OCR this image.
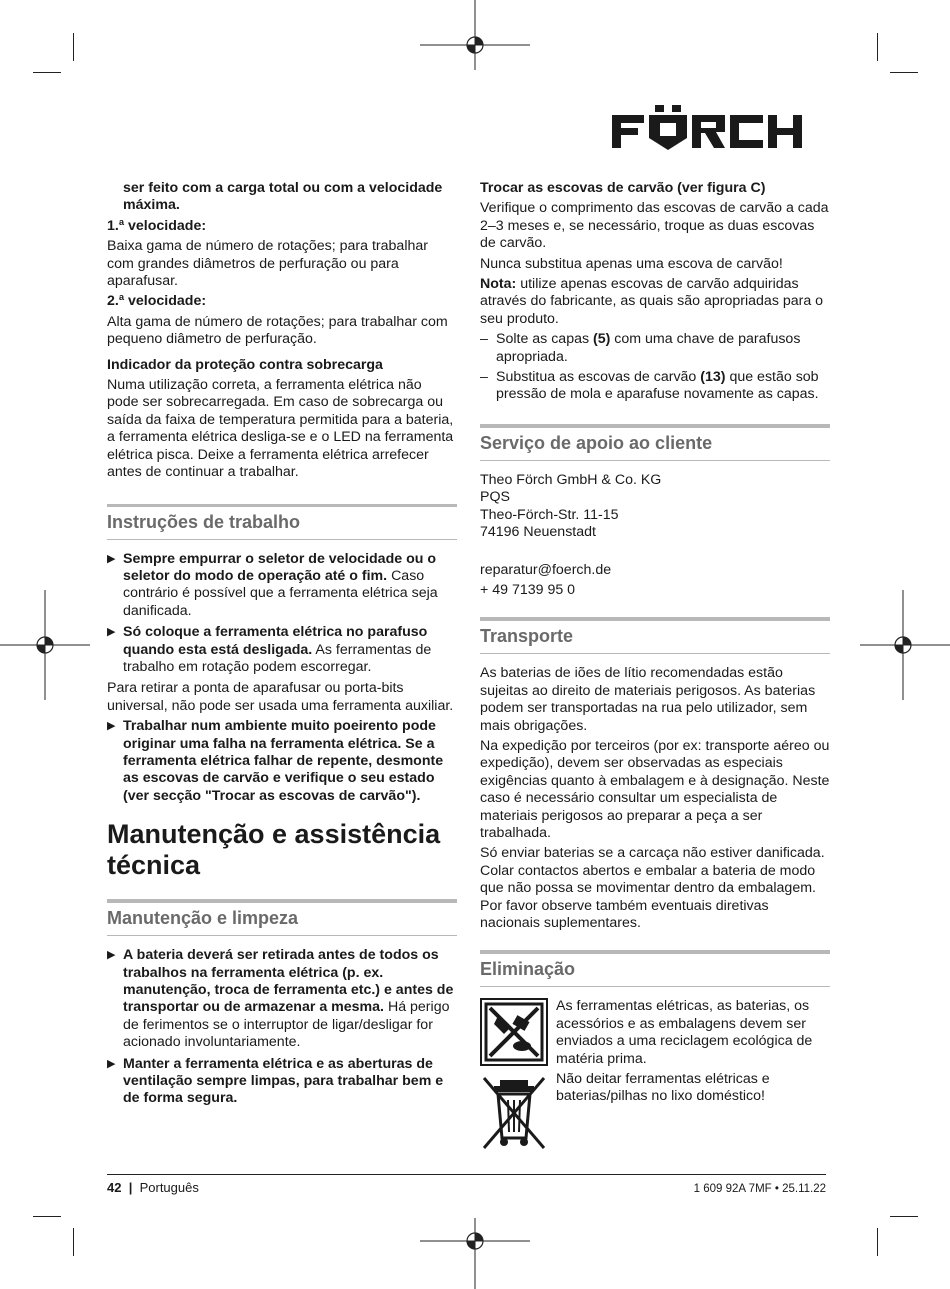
ser feito com a carga total ou com a velocidade máxima.

1.ª velocidade:

Baixa gama de número de rotações; para trabalhar com grandes diâmetros de perfuração ou para aparafusar.

2.ª velocidade:

Alta gama de número de rotações; para trabalhar com pequeno diâmetro de perfuração.

Indicador da proteção contra sobrecarga

Numa utilização correta, a ferramenta elétrica não pode ser sobrecarregada. Em caso de sobrecarga ou saída da faixa de temperatura permitida para a bateria, a ferramenta elétrica desliga-se e o LED na ferramenta elétrica pisca. Deixe a ferramenta elétrica arrefecer antes de continuar a trabalhar.

Instruções de trabalho
▶ Sempre empurrar o seletor de velocidade ou o seletor do modo de operação até o fim. Caso contrário é possível que a ferramenta elétrica seja danificada.
▶ Só coloque a ferramenta elétrica no parafuso quando esta está desligada. As ferramentas de trabalho em rotação podem escorregar.

Para retirar a ponta de aparafusar ou porta-bits universal, não pode ser usada uma ferramenta auxiliar.

▶ Trabalhar num ambiente muito poeirento pode originar uma falha na ferramenta elétrica. Se a ferramenta elétrica falhar de repente, desmonte as escovas de carvão e verifique o seu estado (ver secção "Trocar as escovas de carvão").
Manutenção e assistência técnica
Manutenção e limpeza
▶ A bateria deverá ser retirada antes de todos os trabalhos na ferramenta elétrica (p. ex. manutenção, troca de ferramenta etc.) e antes de transportar ou de armazenar a mesma. Há perigo de ferimentos se o interruptor de ligar/desligar for acionado involuntariamente.
▶ Manter a ferramenta elétrica e as aberturas de ventilação sempre limpas, para trabalhar bem e de forma segura.

Trocar as escovas de carvão (ver figura C)

Verifique o comprimento das escovas de carvão a cada 2–3 meses e, se necessário, troque as duas escovas de carvão.

Nunca substitua apenas uma escova de carvão!

Nota: utilize apenas escovas de carvão adquiridas através do fabricante, as quais são apropriadas para o seu produto.

– Solte as capas (5) com uma chave de parafusos apropriada.
– Substitua as escovas de carvão (13) que estão sob pressão de mola e aparafuse novamente as capas.
Serviço de apoio ao cliente
Theo Förch GmbH & Co. KG
PQS
Theo-Förch-Str. 11-15
74196 Neuenstadt

reparatur@foerch.de

+ 49 7139 95 0

Transporte

As baterias de iões de lítio recomendadas estão sujeitas ao direito de materiais perigosos. As baterias podem ser transportadas na rua pelo utilizador, sem mais obrigações.

Na expedição por terceiros (por ex: transporte aéreo ou expedição), devem ser observadas as especiais exigências quanto à embalagem e à designação. Neste caso é necessário consultar um especialista de materiais perigosos ao preparar a peça a ser trabalhada.

Só enviar baterias se a carcaça não estiver danificada. Colar contactos abertos e embalar a bateria de modo que não possa se movimentar dentro da embalagem. Por favor observe também eventuais diretivas nacionais suplementares.

Eliminação

As ferramentas elétricas, as baterias, os acessórios e as embalagens devem ser enviados a uma reciclagem ecológica de matéria prima.

Não deitar ferramentas elétricas e baterias/pilhas no lixo doméstico!

42  |  Português	1 609 92A 7MF • 25.11.22
